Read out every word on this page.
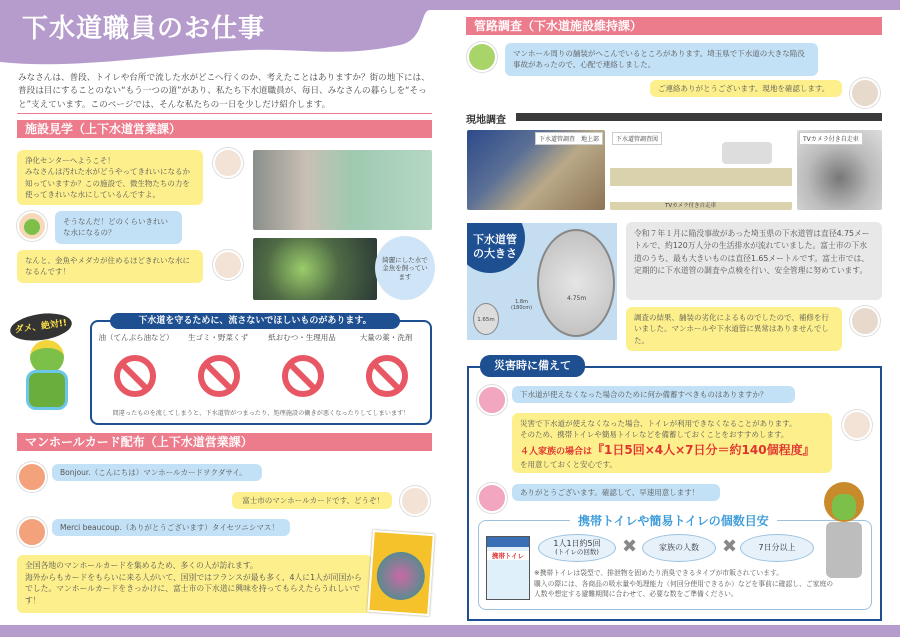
下水道職員のお仕事
みなさんは、普段、トイレや台所で流した水がどこへ行くのか、考えたことはありますか？街の地下には、普段は目にすることのない“もう一つの道”があり、私たち下水道職員が、毎日、みなさんの暮らしを“そっと”支えています。このページでは、そんな私たちの一日を少しだけ紹介します。
施設見学（上下水道営業課）
浄化センターへようこそ！
みなさんは汚れた水がどうやってきれいになるか知っていますか？この施設で、微生物たちの力を使ってきれいな水にしているんですよ。
そうなんだ！どのくらいきれいな水になるの？
なんと、金魚やメダカが住めるほどきれいな水になるんです！
綺麗にした水で金魚を飼っています
ダメ、絶対!!	下水道を守るために、流さないでほしいものがあります。
油（てんぷら油など）	生ゴミ・野菜くず	紙おむつ・生理用品	大量の薬・洗剤
間違ったものを流してしまうと、下水道管がつまったり、処理施設の働きが悪くなったりしてしまいます！
マンホールカード配布（上下水道営業課）
Bonjour.（こんにちは）マンホールカードヲクダサイ。
富士市のマンホールカードです、どうぞ！
Merci beaucoup.（ありがとうございます）タイセツニシマス！
全国各地のマンホールカードを集めるため、多くの人が訪れます。
海外からもカードをもらいに来る人がいて、国別ではフランスが最も多く、4人に1人が同国からでした。マンホールカードをきっかけに、富士市の下水道に興味を持ってもらえたらうれしいです！
管路調査（下水道施設維持課）
マンホール周りの舗装がへこんでいるところがあります。埼玉県で下水道の大きな陥没事故があったので、心配で連絡しました。
ご連絡ありがとうございます。現地を確認します。
現地調査
下水道管調査　地上部	下水道管調査図
TVカメラ付き自走車
TVカメラ付き自走車
下水道管の大きさ
4.75m
1.65m
1.8m
(180cm)
令和７年１月に陥没事故があった埼玉県の下水道管は直径4.75メートルで、約120万人分の生活排水が流れていました。富士市の下水道のうち、最も大きいものは直径1.65メートルです。富士市では、定期的に下水道管の調査や点検を行い、安全管理に努めています。
調査の結果、舗装の劣化によるものでしたので、補修を行いました。マンホールや下水道管に異常はありませんでした。
災害時に備えて
下水道が使えなくなった場合のために何か備蓄すべきものはありますか？
災害で下水道が使えなくなった場合、トイレが利用できなくなることがあります。
そのため、携帯トイレや簡易トイレなどを備蓄しておくことをおすすめします。
４人家族の場合は『1日5回×4人×7日分＝約140個程度』
を用意しておくと安心です。
ありがとうございます。確認して、早速用意します！
携帯トイレや簡易トイレの個数目安
携帯トイレ
1人1日約5回
(トイレの回数) ✖	家族の人数	✖	7日分以上
※携帯トイレは袋型で、排泄物を固めたり消臭できるタイプが市販されています。
購入の際には、各商品の吸水量や処理能力（何回分使用できるか）などを事前に確認し、ご家庭の人数や想定する避難期間に合わせて、必要な数をご準備ください。
